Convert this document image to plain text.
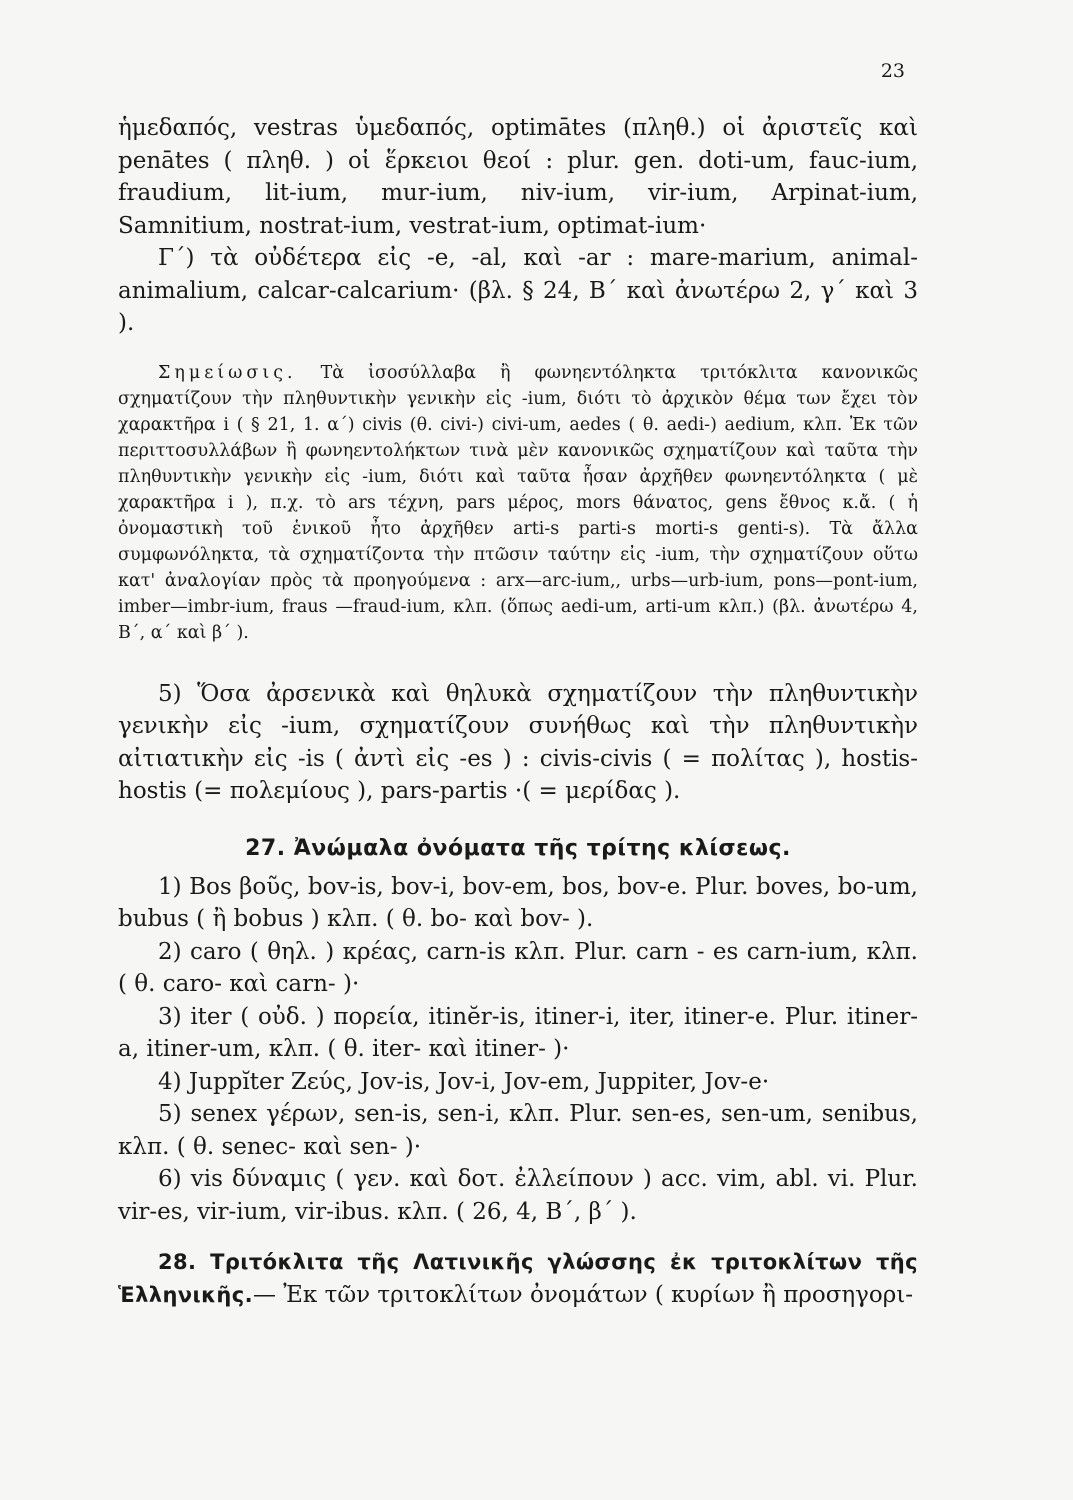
23

ἡμεδαπός, vestras ὑμεδαπός, optimātes (πληθ.) οἱ ἀριστεῖς καὶ penātes ( πληθ. ) οἱ ἕρκειοι θεοί : plur. gen. doti-um, fauc-ium, fraudium, lit-ium, mur-ium, niv-ium, vir-ium, Arpinat-ium, Samnitium, nostrat-ium, vestrat-ium, optimat-ium·

Γ΄) τὰ οὐδέτερα εἰς -e, -al, καὶ -ar : mare-marium, animal-animalium, calcar-calcarium· (βλ. § 24, Β΄ καὶ ἀνωτέρω 2, γ΄ καὶ 3 ).

Σημείωσις. Τὰ ἰσοσύλλαβα ἢ φωνηεντόληκτα τριτόκλιτα κανονικῶς σχηματίζουν τὴν πληθυντικὴν γενικὴν εἰς -ium, διότι τὸ ἀρχικὸν θέμα των ἔχει τὸν χαρακτῆρα i ( § 21, 1. α΄) civis (θ. civi-) civi-um, aedes ( θ. aedi-) aedium, κλπ. Ἐκ τῶν περιττοσυλλάβων ἢ φωνηεντολήκτων τινὰ μὲν κανονικῶς σχηματίζουν καὶ ταῦτα τὴν πληθυντικὴν γενικὴν εἰς -ium, διότι καὶ ταῦτα ἦσαν ἀρχῆθεν φωνηεντόληκτα ( μὲ χαρακτῆρα i ), π.χ. τὸ ars τέχνη, pars μέρος, mors θάνατος, gens ἔθνος κ.ἄ. ( ἡ ὀνομαστικὴ τοῦ ἑνικοῦ ἦτο ἀρχῆθεν arti-s parti-s morti-s genti-s). Τὰ ἄλλα συμφωνόληκτα, τὰ σχηματίζοντα τὴν πτῶσιν ταύτην εἰς -ium, τὴν σχηματίζουν οὕτω κατ' ἀναλογίαν πρὸς τὰ προηγούμενα : arx—arc-ium,, urbs—urb-ium, pons—pont-ium, imber—imbr-ium, fraus —fraud-ium, κλπ. (ὅπως aedi-um, arti-um κλπ.) (βλ. ἀνωτέρω 4, Β΄, α΄ καὶ β΄ ).

5) Ὅσα ἀρσενικὰ καὶ θηλυκὰ σχηματίζουν τὴν πληθυντικὴν γενικὴν εἰς -ium, σχηματίζουν συνήθως καὶ τὴν πληθυντικὴν αἰτιατικὴν εἰς -is ( ἀντὶ εἰς -es ) : civis-civis ( = πολίτας ), hostis-hostis (= πολεμίους ), pars-partis ·( = μερίδας ).

27. Ἀνώμαλα ὀνόματα τῆς τρίτης κλίσεως.

1) Bos βοῦς, bov-is, bov-i, bov-em, bos, bov-e. Plur. boves, bo-um, bubus ( ἢ bobus ) κλπ. ( θ. bo- καὶ bov- ).

2) caro ( θηλ. ) κρέας, carn-is κλπ. Plur. carn - es carn-ium, κλπ. ( θ. caro- καὶ carn- )·

3) iter ( οὐδ. ) πορεία, itinĕr-is, itiner-i, iter, itiner-e. Plur. itiner-a, itiner-um, κλπ. ( θ. iter- καὶ itiner- )·

4) Juppĭter Ζεύς, Jov-is, Jov-i, Jov-em, Juppiter, Jov-e·

5) senex γέρων, sen-is, sen-i, κλπ. Plur. sen-es, sen-um, senibus, κλπ. ( θ. senec- καὶ sen- )·

6) vis δύναμις ( γεν. καὶ δοτ. ἐλλείπουν ) acc. vim, abl. vi. Plur. vir-es, vir-ium, vir-ibus. κλπ. ( 26, 4, Β΄, β΄ ).

28. Τριτόκλιτα τῆς Λατινικῆς γλώσσης ἐκ τριτοκλίτων τῆς Ἑλληνικῆς.— Ἐκ τῶν τριτοκλίτων ὀνομάτων ( κυρίων ἢ προσηγορι-
